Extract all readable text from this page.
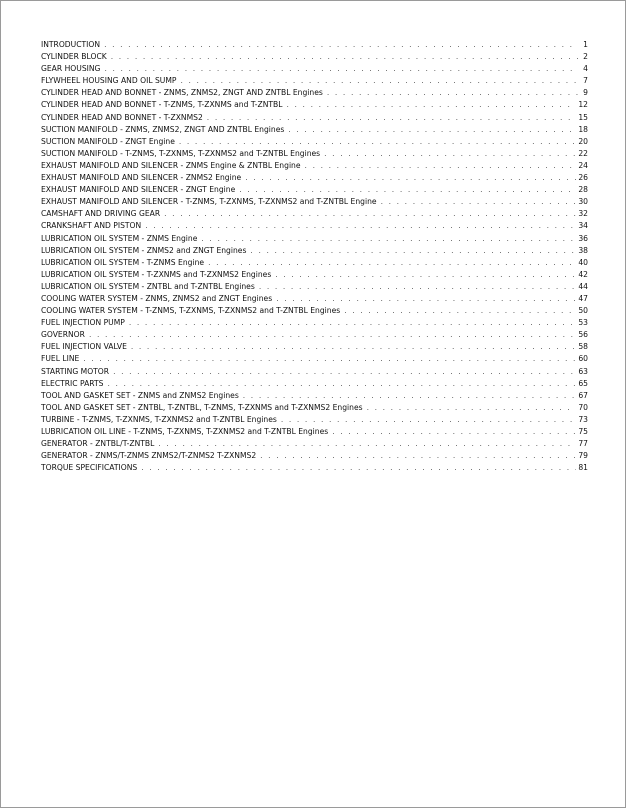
INTRODUCTION . . .	1
CYLINDER BLOCK . . .	2
GEAR HOUSING . . .	4
FLYWHEEL HOUSING AND OIL SUMP . . .	7
CYLINDER HEAD AND BONNET - ZNMS, ZNMS2, ZNGT AND ZNTBL Engines . . .	9
CYLINDER HEAD AND BONNET - T-ZNMS, T-ZXNMS and T-ZNTBL . . .	12
CYLINDER HEAD AND BONNET - T-ZXNMS2 . . .	15
SUCTION MANIFOLD - ZNMS, ZNMS2, ZNGT AND ZNTBL Engines . . .	18
SUCTION MANIFOLD - ZNGT Engine . . .	20
SUCTION MANIFOLD - T-ZNMS, T-ZXNMS, T-ZXNMS2 and T-ZNTBL Engines . . .	22
EXHAUST MANIFOLD AND SILENCER - ZNMS Engine & ZNTBL Engine . . .	24
EXHAUST MANIFOLD AND SILENCER - ZNMS2 Engine . . .	26
EXHAUST MANIFOLD AND SILENCER - ZNGT Engine . . .	28
EXHAUST MANIFOLD AND SILENCER - T-ZNMS, T-ZXNMS, T-ZXNMS2 and T-ZNTBL Engine . . .	30
CAMSHAFT AND DRIVING GEAR . . .	32
CRANKSHAFT AND PISTON . . .	34
LUBRICATION OIL SYSTEM - ZNMS Engine . . .	36
LUBRICATION OIL SYSTEM - ZNMS2 and ZNGT Engines . . .	38
LUBRICATION OIL SYSTEM - T-ZNMS Engine . . .	40
LUBRICATION OIL SYSTEM - T-ZXNMS and T-ZXNMS2 Engines . . .	42
LUBRICATION OIL SYSTEM - ZNTBL and T-ZNTBL Engines . . .	44
COOLING WATER SYSTEM - ZNMS, ZNMS2 and ZNGT Engines . . .	47
COOLING WATER SYSTEM - T-ZNMS, T-ZXNMS, T-ZXNMS2 and T-ZNTBL Engines . . .	50
FUEL INJECTION PUMP . . .	53
GOVERNOR . . .	56
FUEL INJECTION VALVE . . .	58
FUEL LINE . . .	60
STARTING MOTOR . . .	63
ELECTRIC PARTS . . .	65
TOOL AND GASKET SET - ZNMS and ZNMS2 Engines . . .	67
TOOL AND GASKET SET - ZNTBL, T-ZNTBL, T-ZNMS, T-ZXNMS and T-ZXNMS2 Engines . . .	70
TURBINE - T-ZNMS, T-ZXNMS, T-ZXNMS2 and T-ZNTBL Engines . . .	73
LUBRICATION OIL LINE - T-ZNMS, T-ZXNMS, T-ZXNMS2 and T-ZNTBL Engines . . .	75
GENERATOR - ZNTBL/T-ZNTBL . . .	77
GENERATOR - ZNMS/T-ZNMS ZNMS2/T-ZNMS2 T-ZXNMS2 . . .	79
TORQUE SPECIFICATIONS . . .	81
